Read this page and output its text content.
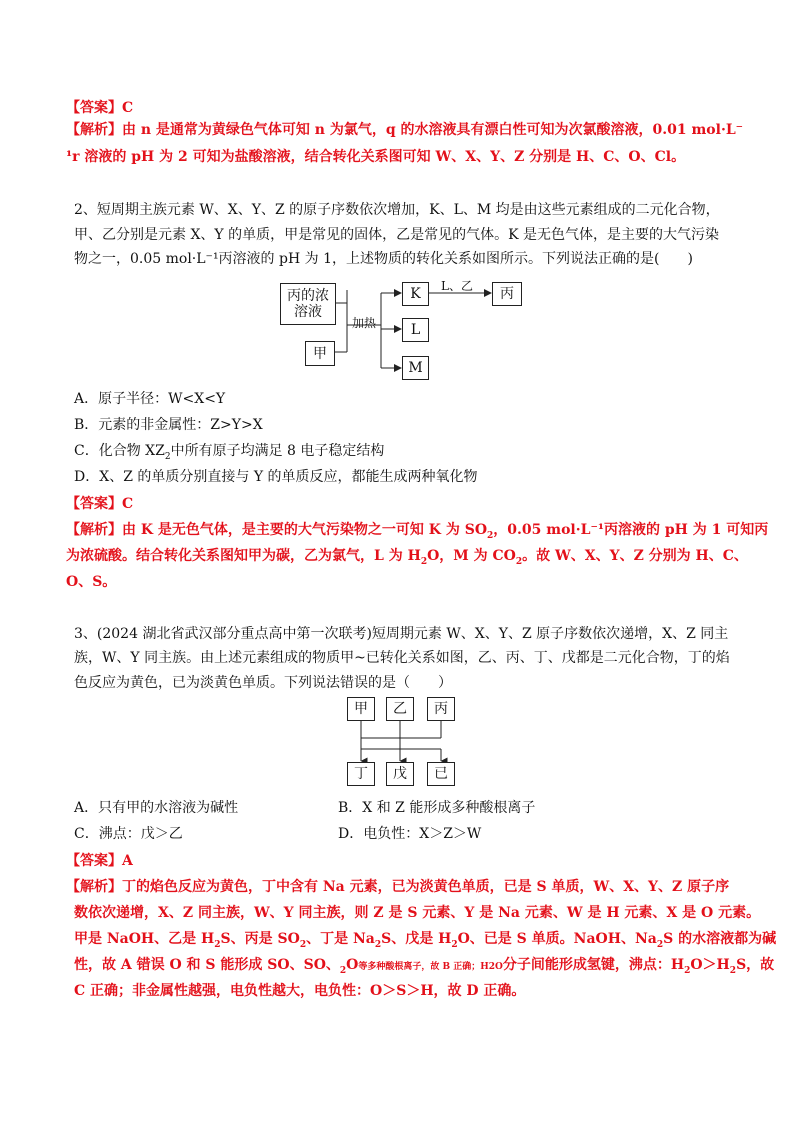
【答案】C
【解析】由 n 是通常为黄绿色气体可知 n 为氯气，q 的水溶液具有漂白性可知为次氯酸溶液，0.01 mol·L⁻
¹r 溶液的 pH 为 2 可知为盐酸溶液，结合转化关系图可知 W、X、Y、Z 分别是 H、C、O、Cl。
2、短周期主族元素 W、X、Y、Z 的原子序数依次增加，K、L、M 均是由这些元素组成的二元化合物，
甲、乙分别是元素 X、Y 的单质，甲是常见的固体，乙是常见的气体。K 是无色气体，是主要的大气污染
物之一，0.05 mol·L⁻¹丙溶液的 pH 为 1，上述物质的转化关系如图所示。下列说法正确的是(　　)
丙的浓
溶液
甲
K
L
M
丙
加热
L、乙
A．原子半径：W<X<Y
B．元素的非金属性：Z>Y>X
C．化合物 $XZ_2$中所有原子均满足 8 电子稳定结构
D．X、Z 的单质分别直接与 Y 的单质反应，都能生成两种氧化物
【答案】C
【解析】由 K 是无色气体，是主要的大气污染物之一可知 K 为 $SO_2$，0.05 mol·L⁻¹丙溶液的 pH 为 1 可知丙
为浓硫酸。结合转化关系图知甲为碳，乙为氯气，L 为 $H_2O$，M 为 $CO_2$。故 W、X、Y、Z 分别为 H、C、
O、S。
3、(2024 湖北省武汉部分重点高中第一次联考)短周期元素 W、X、Y、Z 原子序数依次递增，X、Z 同主
族，W、Y 同主族。由上述元素组成的物质甲~已转化关系如图，乙、丙、丁、戊都是二元化合物，丁的焰
色反应为黄色，已为淡黄色单质。下列说法错误的是（　　）
甲	乙	丙
丁	戊	已
A．只有甲的水溶液为碱性	B．X 和 Z 能形成多种酸根离子
C．沸点：戊＞乙	D．电负性：X＞Z＞W
【答案】A
【解析】丁的焰色反应为黄色，丁中含有 Na 元素，已为淡黄色单质，已是 S 单质，W、X、Y、Z 原子序
数依次递增，X、Z 同主族，W、Y 同主族，则 Z 是 S 元素、Y 是 Na 元素、W 是 H 元素、X 是 O 元素。
甲是 NaOH、乙是 $H_2S$、丙是 $SO_2$、丁是 $Na_2S$、戊是 $H_2O$、已是 S 单质。NaOH、$Na_2S$ 的水溶液都为碱
性，故 A 错误 O 和 S 能形成 SO、SO、$_2$O等多种酸根离子，故 B 正确；H2O分子间能形成氢键，沸点：$H_2O>H_2S$，故
C 正确；非金属性越强，电负性越大，电负性：O＞S＞H，故 D 正确。
